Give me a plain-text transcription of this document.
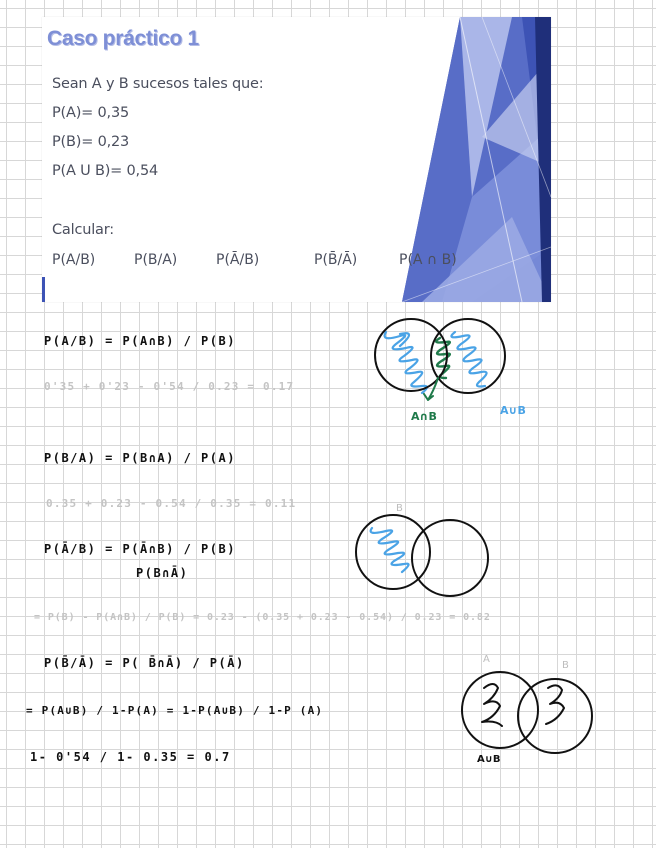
Caso práctico 1
Sean A y B sucesos tales que:
P(A)= 0,35
P(B)= 0,23
P(A U B)= 0,54
Calcular:
P(A/B)	P(B/A)	P(Ā/B)	P(B̄/Ā)	P(A ∩ B)
P(A/B) = P(A∩B) / P(B)
0'35 + 0'23 - 0'54 / 0.23 = 0.17
P(B/A) = P(B∩A) / P(A)
0.35 + 0.23 - 0.54 / 0.35 = 0.11
P(Ā/B) = P(Ā∩B) / P(B)
P(B∩Ā)
= P(B) - P(A∩B) / P(B) = 0.23 - (0.35 + 0.23 - 0.54) / 0.23 = 0.82
P(B̄/Ā) = P( B̄∩Ā) / P(Ā)
= P(A∪B) / 1-P(A) = 1-P(A∪B) / 1-P (A)
1- 0'54 / 1- 0.35 = 0.7
A∩B	A∪B
B
A
B
A∪B
